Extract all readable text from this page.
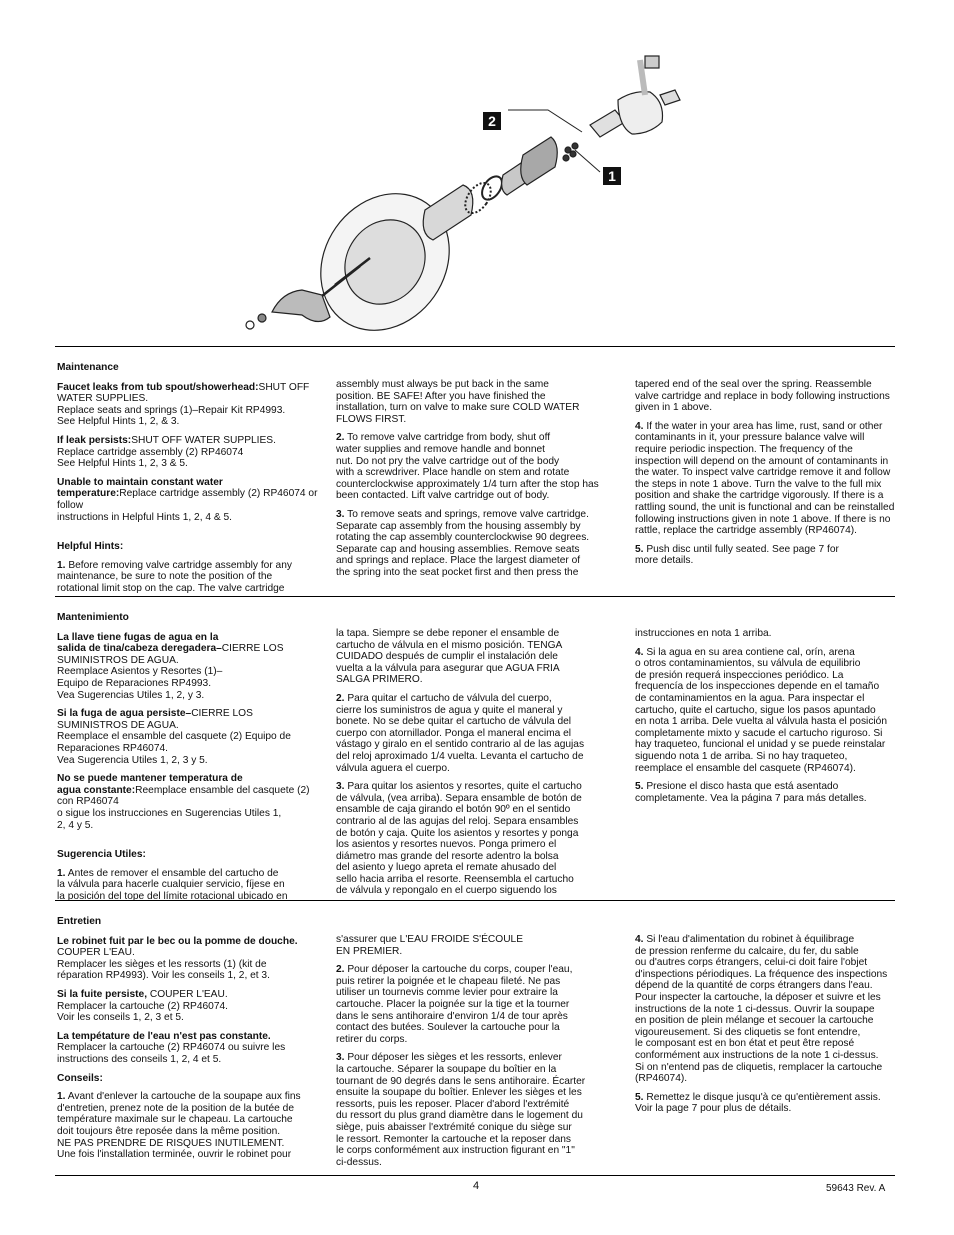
2
1

Maintenance

Faucet leaks from tub spout/showerhead:SHUT OFF WATER SUPPLIES.
Replace seats and springs (1)–Repair Kit RP4993.
See Helpful Hints 1, 2, & 3.

If leak persists:SHUT OFF WATER SUPPLIES.
Replace cartridge assembly (2) RP46074
See Helpful Hints 1, 2, 3 & 5.

Unable to maintain constant water temperature:Replace cartridge assembly (2) RP46074 or follow
instructions in Helpful Hints 1, 2, 4 & 5.

Helpful Hints:

1. Before removing valve cartridge assembly for any
maintenance, be sure to note the position of the
rotational limit stop on the cap. The valve cartridge

assembly must always be put back in the same
position. BE SAFE! After you have finished the
installation, turn on valve to make sure COLD WATER
FLOWS FIRST.

2. To remove valve cartridge from body, shut off
water supplies and remove handle and bonnet
nut. Do not pry the valve cartridge out of the body
with a screwdriver. Place handle on stem and rotate
counterclockwise approximately 1/4 turn after the stop has
been contacted. Lift valve cartridge out of body.

3. To remove seats and springs, remove valve cartridge.
Separate cap assembly from the housing assembly by
rotating the cap assembly counterclockwise 90 degrees.
Separate cap and housing assemblies. Remove seats
and springs and replace. Place the largest diameter of
the spring into the seat pocket first and then press the

tapered end of the seal over the spring. Reassemble
valve cartridge and replace in body following instructions
given in 1 above.

4. If the water in your area has lime, rust, sand or other
contaminants in it, your pressure balance valve will
require periodic inspection. The frequency of the
inspection will depend on the amount of contaminants in
the water. To inspect valve cartridge remove it and follow
the steps in note 1 above. Turn the valve to the full mix
position and shake the cartridge vigorously. If there is a
rattling sound, the unit is functional and can be reinstalled
following instructions given in note 1 above. If there is no
rattle, replace the cartridge assembly (RP46074).

5. Push disc until fully seated. See page 7 for
more details.

Mantenimiento

La llave tiene fugas de agua en la
salida de tina/cabeza deregadera–CIERRE LOS SUMINISTROS DE AGUA.
Reemplace Asientos y Resortes (1)–
Equipo de Reparaciones RP4993.
Vea Sugerencias Utiles 1, 2, y 3.

Si la fuga de agua persiste–CIERRE LOS SUMINISTROS DE AGUA.
Reemplace el ensamble del casquete (2) Equipo de
Reparaciones RP46074.
Vea Sugerencia Utiles 1, 2, 3 y 5.

No se puede mantener temperatura de
agua constante:Reemplace ensamble del casquete (2) con RP46074
o sigue los instrucciones en Sugerencias Utiles 1,
2, 4 y 5.

Sugerencia Utiles:

1. Antes de remover el ensamble del cartucho de
la válvula para hacerle cualquier servicio, fíjese en
la posición del tope del límite rotacional ubicado en

la tapa. Siempre se debe reponer el ensamble de
cartucho de válvula en el mismo posición. TENGA
CUIDADO después de cumplir el instalación dele
vuelta a la válvula para asegurar que AGUA FRIA
SALGA PRIMERO.

2. Para quitar el cartucho de válvula del cuerpo,
cierre los suministros de agua y quite el maneral y
bonete. No se debe quitar el cartucho de válvula del
cuerpo con atornillador. Ponga el maneral encima el
vástago y giralo en el sentido contrario al de las agujas
del reloj aproximado 1/4 vuelta. Levanta el cartucho de
válvula aguera el cuerpo.

3. Para quitar los asientos y resortes, quite el cartucho
de válvula, (vea arriba). Separa ensamble de botón de
ensamble de caja girando el botón 90º en el sentido
contrario al de las agujas del reloj. Separa ensambles
de botón y caja. Quite los asientos y resortes y ponga
los asientos y resortes nuevos. Ponga primero el
diámetro mas grande del resorte adentro la bolsa
del asiento y luego apreta el remate ahusado del
sello hacia arriba el resorte. Reensembla el cartucho
de válvula y repongalo en el cuerpo siguendo los

instrucciones en nota 1 arriba.

4. Si la agua en su area contiene cal, orín, arena
o otros contaminamientos, su válvula de equilibrio
de presión requerá inspecciones periódico. La
frequencía de los inspecciones depende en el tamaño
de contaminamientos en la agua. Para inspectar el
cartucho, quite el cartucho, sigue los pasos apuntado
en nota 1 arriba. Dele vuelta al válvula hasta el posición
completamente mixto y sacude el cartucho riguroso. Si
hay traqueteo, funcional el unidad y se puede reinstalar
siguendo nota 1 de arriba. Si no hay traqueteo,
reemplace el ensamble del casquete (RP46074).

5. Presione el disco hasta que está asentado
completamente. Vea la página 7 para más detalles.

Entretien

Le robinet fuit par le bec ou la pomme de douche.
COUPER L'EAU.
Remplacer les sièges et les ressorts (1) (kit de
réparation RP4993). Voir les conseils 1, 2, et 3.

Si la fuite persiste, COUPER L'EAU.
Remplacer la cartouche (2) RP46074.
Voir les conseils 1, 2, 3 et 5.

La tempétature de l'eau n'est pas constante.
Remplacer la cartouche (2) RP46074 ou suivre les
instructions des conseils 1, 2, 4 et 5.

Conseils:

1. Avant d'enlever la cartouche de la soupape aux fins
d'entretien, prenez note de la position de la butée de
température maximale sur le chapeau. La cartouche
doit toujours être reposée dans la même position.
NE PAS PRENDRE DE RISQUES INUTILEMENT.
Une fois l'installation terminée, ouvrir le robinet pour

s'assurer que L'EAU FROIDE S'ÉCOULE
EN PREMIER.

2. Pour déposer la cartouche du corps, couper l'eau,
puis retirer la poignée et le chapeau fileté. Ne pas
utiliser un tournevis comme levier pour extraire la
cartouche. Placer la poignée sur la tige et la tourner
dans le sens antihoraire d'environ 1/4 de tour après
contact des butées. Soulever la cartouche pour la
retirer du corps.

3. Pour déposer les sièges et les ressorts, enlever
la cartouche. Séparer la soupape du boîtier en la
tournant de 90 degrés dans le sens antihoraire. Écarter
ensuite la soupape du boîtier. Enlever les sièges et les
ressorts, puis les reposer. Placer d'abord l'extrémité
du ressort du plus grand diamètre dans le logement du
siège, puis abaisser l'extrémité conique du siège sur
le ressort. Remonter la cartouche et la reposer dans
le corps conformément aux instruction figurant en "1"
ci-dessus.

4. Si l'eau d'alimentation du robinet à équilibrage
de pression renferme du calcaire, du fer, du sable
ou d'autres corps étrangers, celui-ci doit faire l'objet
d'inspections périodiques. La fréquence des inspections
dépend de la quantité de corps étrangers dans l'eau.
Pour inspecter la cartouche, la déposer et suivre et les
instructions de la note 1 ci-dessus. Ouvrir la soupape
en position de plein mélange et secouer la cartouche
vigoureusement. Si des cliquetis se font entendre,
le composant est en bon état et peut être reposé
conformément aux instructions de la note 1 ci-dessus.
Si on n'entend pas de cliquetis, remplacer la cartouche
(RP46074).

5. Remettez le disque jusqu'à ce qu'entièrement assis.
Voir la page 7 pour plus de détails.

4	59643 Rev. A
